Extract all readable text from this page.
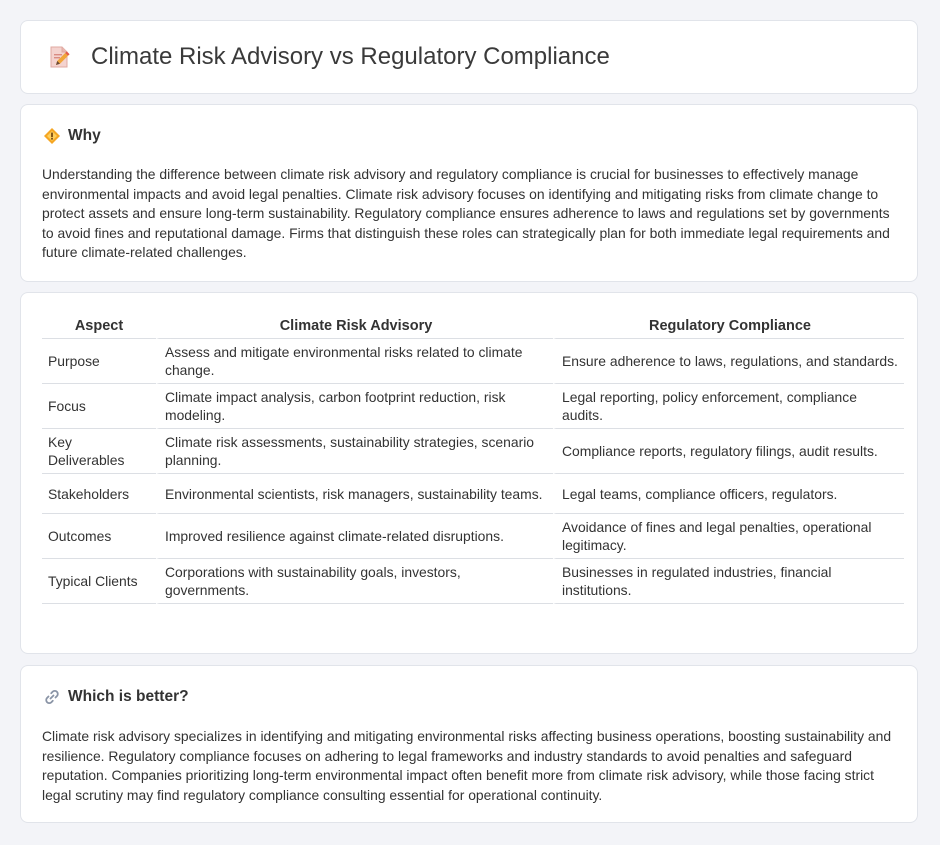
Climate Risk Advisory vs Regulatory Compliance
Why
Understanding the difference between climate risk advisory and regulatory compliance is crucial for businesses to effectively manage environmental impacts and avoid legal penalties. Climate risk advisory focuses on identifying and mitigating risks from climate change to protect assets and ensure long-term sustainability. Regulatory compliance ensures adherence to laws and regulations set by governments to avoid fines and reputational damage. Firms that distinguish these roles can strategically plan for both immediate legal requirements and future climate-related challenges.
Aspect	Climate Risk Advisory	Regulatory Compliance
Purpose	Assess and mitigate environmental risks related to climate change.	Ensure adherence to laws, regulations, and standards.
Focus	Climate impact analysis, carbon footprint reduction, risk modeling.	Legal reporting, policy enforcement, compliance audits.
Key Deliverables	Climate risk assessments, sustainability strategies, scenario planning.	Compliance reports, regulatory filings, audit results.
Stakeholders	Environmental scientists, risk managers, sustainability teams.	Legal teams, compliance officers, regulators.
Outcomes	Improved resilience against climate-related disruptions.	Avoidance of fines and legal penalties, operational legitimacy.
Typical Clients	Corporations with sustainability goals, investors, governments.	Businesses in regulated industries, financial institutions.
Which is better?
Climate risk advisory specializes in identifying and mitigating environmental risks affecting business operations, boosting sustainability and resilience. Regulatory compliance focuses on adhering to legal frameworks and industry standards to avoid penalties and safeguard reputation. Companies prioritizing long-term environmental impact often benefit more from climate risk advisory, while those facing strict legal scrutiny may find regulatory compliance consulting essential for operational continuity.
